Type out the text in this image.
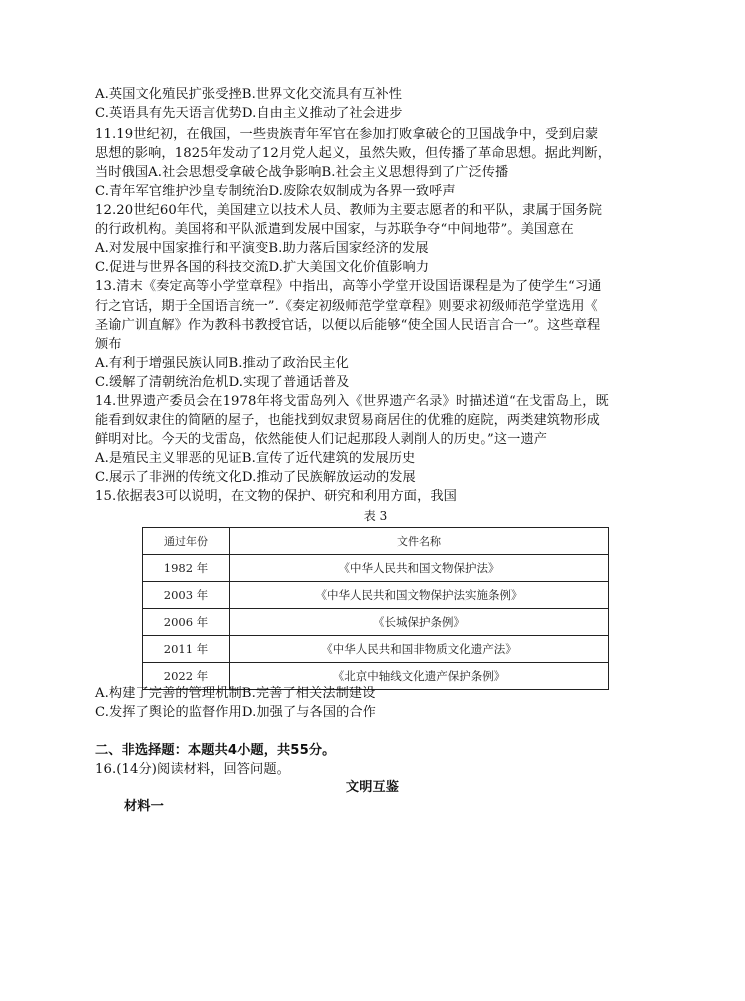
A.英国文化殖民扩张受挫B.世界文化交流具有互补性
C.英语具有先天语言优势D.自由主义推动了社会进步
11.19世纪初，在俄国，一些贵族青年军官在参加打败拿破仑的卫国战争中，受到启蒙
思想的影响，1825年发动了12月党人起义，虽然失败，但传播了革命思想。据此判断，
当时俄国A.社会思想受拿破仑战争影响B.社会主义思想得到了广泛传播
C.青年军官维护沙皇专制统治D.废除农奴制成为各界一致呼声
12.20世纪60年代，美国建立以技术人员、教师为主要志愿者的和平队，隶属于国务院
的行政机构。美国将和平队派遣到发展中国家，与苏联争夺“中间地带”。美国意在
A.对发展中国家推行和平演变B.助力落后国家经济的发展
C.促进与世界各国的科技交流D.扩大美国文化价值影响力
13.清末《奏定高等小学堂章程》中指出，高等小学堂开设国语课程是为了使学生“习通
行之官话，期于全国语言统一”.《奏定初级师范学堂章程》则要求初级师范学堂选用《
圣谕广训直解》作为教科书教授官话，以便以后能够“使全国人民语言合一”。这些章程
颁布
A.有利于增强民族认同B.推动了政治民主化
C.缓解了清朝统治危机D.实现了普通话普及
14.世界遗产委员会在1978年将戈雷岛列入《世界遗产名录》时描述道“在戈雷岛上，既
能看到奴隶住的简陋的屋子，也能找到奴隶贸易商居住的优雅的庭院，两类建筑物形成
鲜明对比。今天的戈雷岛，依然能使人们记起那段人剥削人的历史。”这一遗产
A.是殖民主义罪恶的见证B.宣传了近代建筑的发展历史
C.展示了非洲的传统文化D.推动了民族解放运动的发展
15.依据表3可以说明，在文物的保护、研究和利用方面，我国
表 3
通过年份	文件名称
1982 年	《中华人民共和国文物保护法》
2003 年	《中华人民共和国文物保护法实施条例》
2006 年	《长城保护条例》
2011 年	《中华人民共和国非物质文化遗产法》
2022 年	《北京中轴线文化遗产保护条例》
A.构建了完善的管理机制B.完善了相关法制建设
C.发挥了舆论的监督作用D.加强了与各国的合作
二、非选择题：本题共4小题，共55分。
16.(14分)阅读材料，回答问题。
文明互鉴
材料一
